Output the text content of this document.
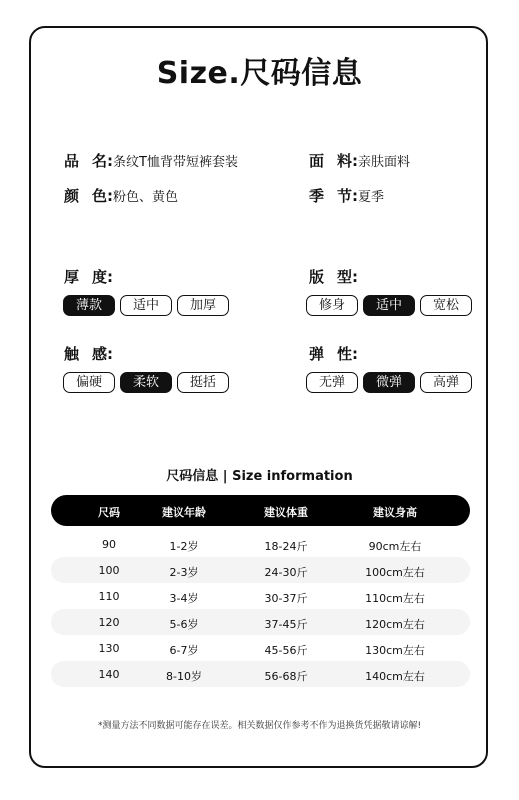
Size.尺码信息
品 名:条纹T恤背带短裤套装	面 料:亲肤面料
颜 色:粉色、黄色	季 节:夏季
厚 度:
薄款	适中	加厚
版 型:
修身	适中	宽松
触 感:
偏硬	柔软	挺括
弹 性:
无弹	微弹	高弹
尺码信息 | Size information
尺码	建议年龄	建议体重	建议身高
90	1-2岁	18-24斤	90cm左右
100	2-3岁	24-30斤	100cm左右
110	3-4岁	30-37斤	110cm左右
120	5-6岁	37-45斤	120cm左右
130	6-7岁	45-56斤	130cm左右
140	8-10岁	56-68斤	140cm左右
*测量方法不同数据可能存在误差。相关数据仅作参考不作为退换货凭据敬请谅解!
